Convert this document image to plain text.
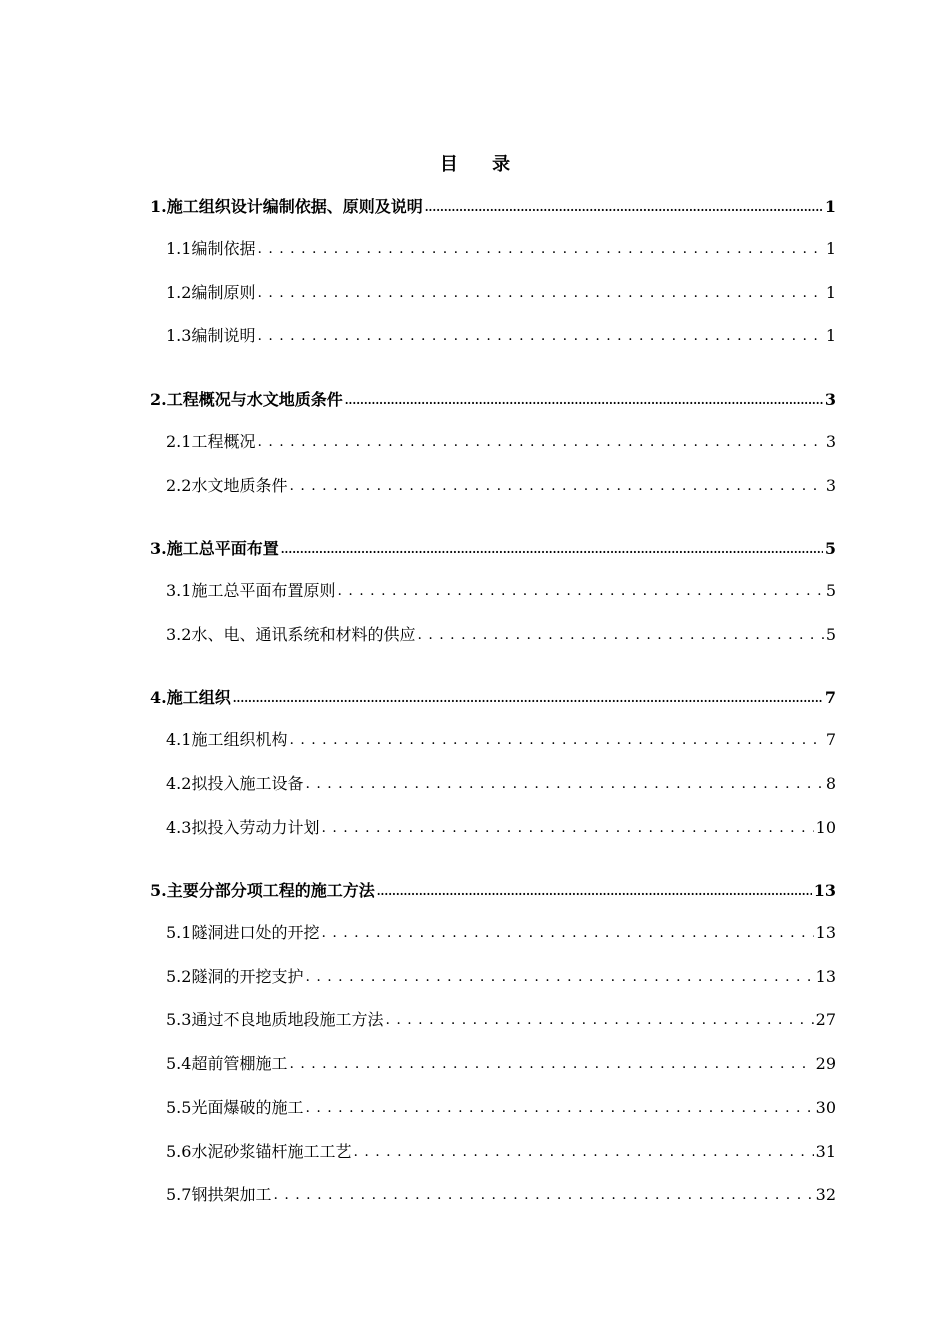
目 录
1. 施工组织设计编制依据、原则及说明 .....	1
1.1 编制依据 . . .	1
1.2 编制原则 . . .	1
1.3 编制说明 . . .	1
2. 工程概况与水文地质条件 .....	3
2.1 工程概况 . . .	3
2.2 水文地质条件 . . .	3
3. 施工总平面布置 .....	5
3.1 施工总平面布置原则 . . .	5
3.2 水、电、通讯系统和材料的供应 . . .	5
4. 施工组织 .....	7
4.1 施工组织机构 . . .	7
4.2 拟投入施工设备 . . .	8
4.3 拟投入劳动力计划 . . .	10
5. 主要分部分项工程的施工方法 .....	13
5.1 隧洞进口处的开挖 . . .	13
5.2 隧洞的开挖支护 . . .	13
5.3 通过不良地质地段施工方法 . . .	27
5.4 超前管棚施工 . . .	29
5.5 光面爆破的施工 . . .	30
5.6 水泥砂浆锚杆施工工艺 . . .	31
5.7 钢拱架加工 . . .	32
